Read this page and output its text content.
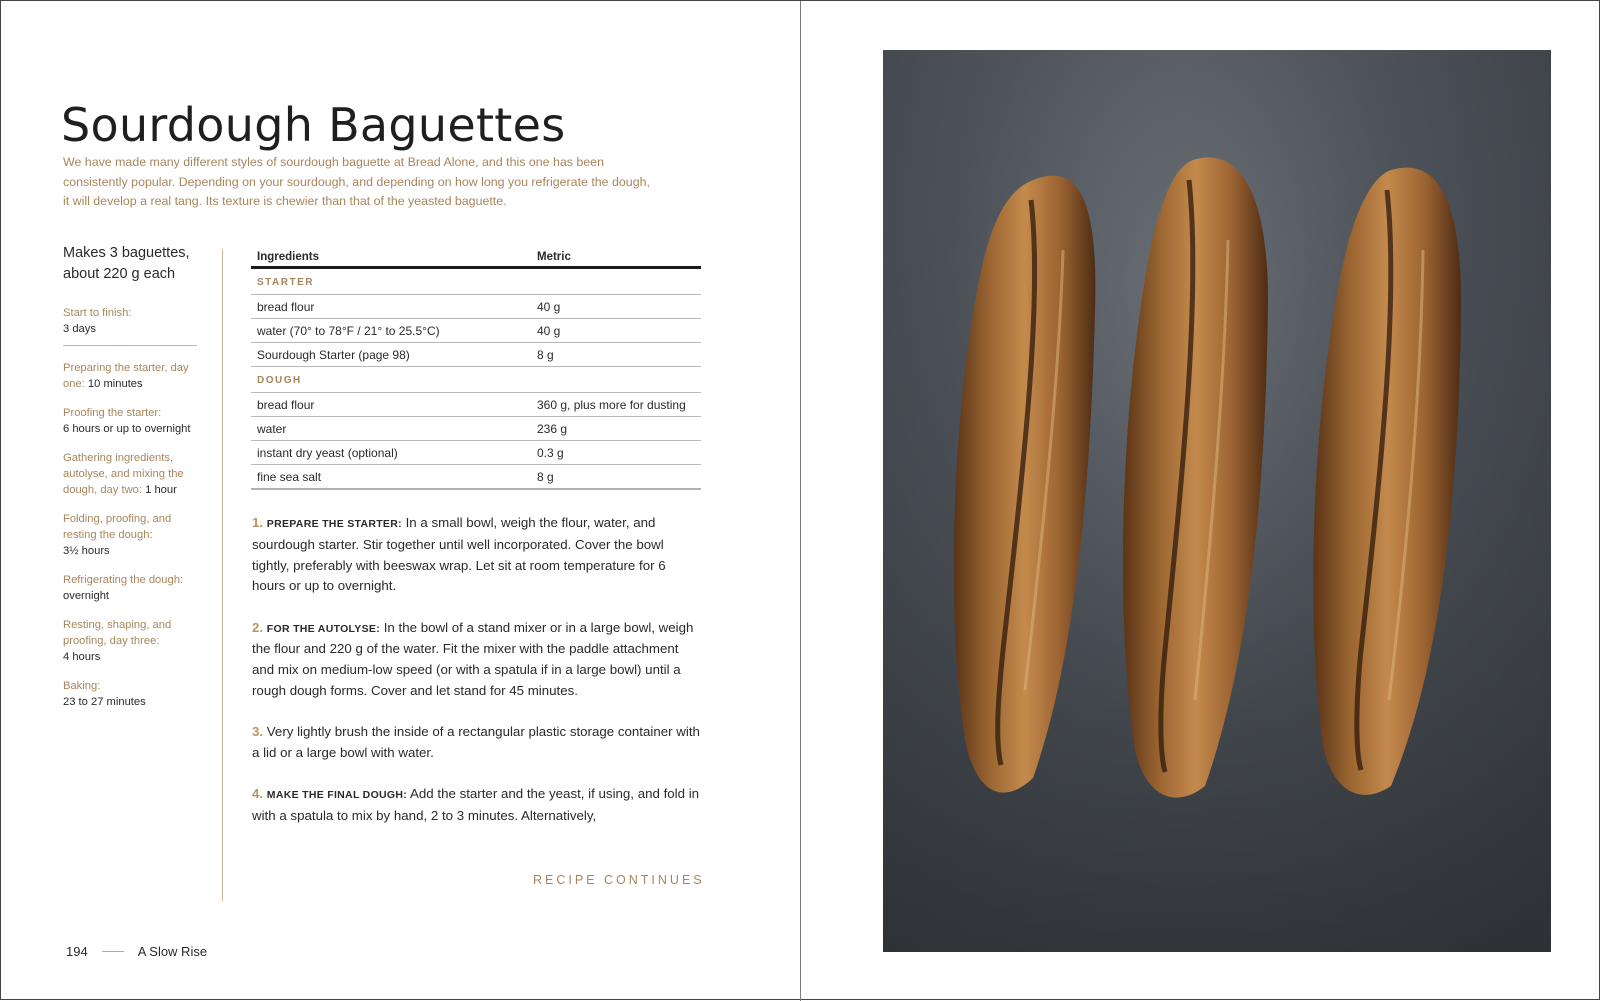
Sourdough Baguettes

We have made many different styles of sourdough baguette at Bread Alone, and this one has been consistently popular. Depending on your sourdough, and depending on how long you refrigerate the dough, it will develop a real tang. Its texture is chewier than that of the yeasted baguette.

Makes 3 baguettes, about 220 g each
Start to finish:
3 days
Preparing the starter, day one: 10 minutes
Proofing the starter:
6 hours or up to overnight
Gathering ingredients, autolyse, and mixing the dough, day two: 1 hour
Folding, proofing, and resting the dough:
3½ hours
Refrigerating the dough:
overnight
Resting, shaping, and proofing, day three:
4 hours
Baking:
23 to 27 minutes
Ingredients	Metric
STARTER	
bread flour	40 g
water (70° to 78°F / 21° to 25.5°C)	40 g
Sourdough Starter (page 98)	8 g
DOUGH	
bread flour	360 g, plus more for dusting
water	236 g
instant dry yeast (optional)	0.3 g
fine sea salt	8 g

1. PREPARE THE STARTER: In a small bowl, weigh the flour, water, and sourdough starter. Stir together until well incorporated. Cover the bowl tightly, preferably with beeswax wrap. Let sit at room temperature for 6 hours or up to overnight.

2. FOR THE AUTOLYSE: In the bowl of a stand mixer or in a large bowl, weigh the flour and 220 g of the water. Fit the mixer with the paddle attachment and mix on medium-low speed (or with a spatula if in a large bowl) until a rough dough forms. Cover and let stand for 45 minutes.

3. Very lightly brush the inside of a rectangular plastic storage container with a lid or a large bowl with water.

4. MAKE THE FINAL DOUGH: Add the starter and the yeast, if using, and fold in with a spatula to mix by hand, 2 to 3 minutes. Alternatively,

RECIPE CONTINUES
194	A Slow Rise
